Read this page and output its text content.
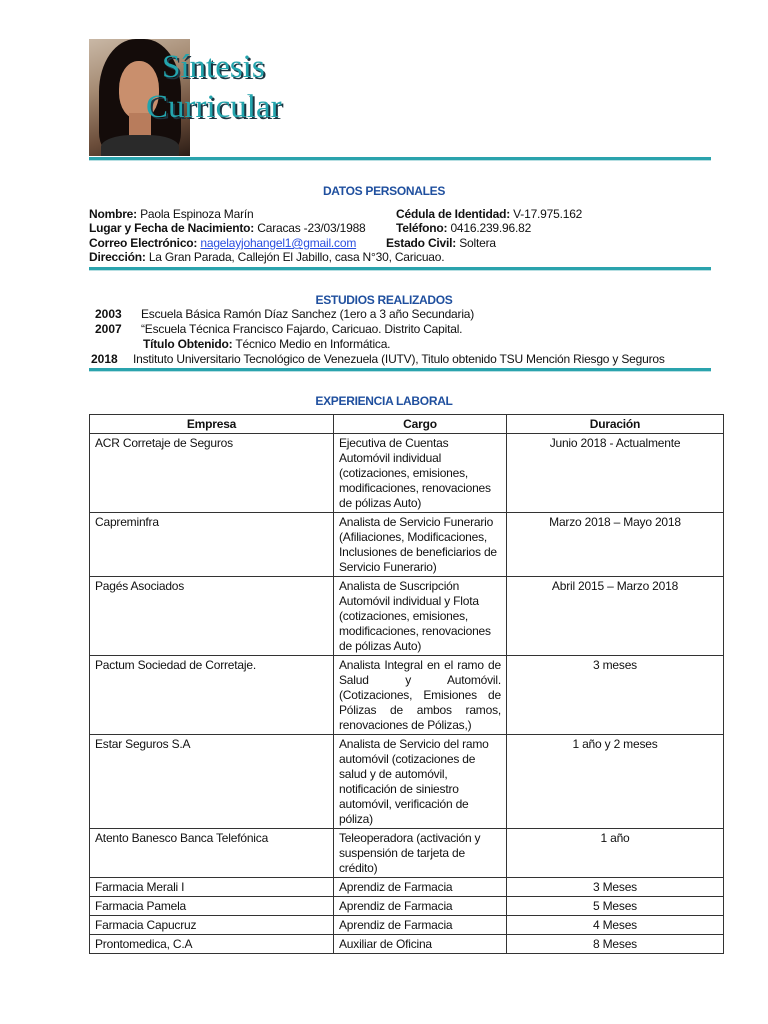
Síntesis
Curricular
DATOS PERSONALES
Nombre: Paola Espinoza Marín	Cédula de Identidad: V-17.975.162
Lugar y Fecha de Nacimiento: Caracas -23/03/1988	Teléfono: 0416.239.96.82
Correo Electrónico: nagelayjohangel1@gmail.com Estado Civil: Soltera
Dirección: La Gran Parada, Callejón El Jabillo, casa N°30, Caricuao.
ESTUDIOS REALIZADOS
2003 Escuela Básica Ramón Díaz Sanchez (1ero a 3 año Secundaria)
2007 “Escuela Técnica Francisco Fajardo, Caricuao. Distrito Capital.
Título Obtenido: Técnico Medio en Informática.
2018 Instituto Universitario Tecnológico de Venezuela (IUTV), Titulo obtenido TSU Mención Riesgo y Seguros
EXPERIENCIA LABORAL
Empresa	Cargo	Duración
ACR Corretaje de Seguros	Ejecutiva de Cuentas Automóvil individual (cotizaciones, emisiones, modificaciones, renovaciones de pólizas Auto)	Junio 2018 - Actualmente
Capreminfra	Analista de Servicio Funerario (Afiliaciones, Modificaciones, Inclusiones de beneficiarios de Servicio Funerario)	Marzo 2018 – Mayo 2018
Pagés Asociados	Analista de Suscripción Automóvil individual y Flota (cotizaciones, emisiones, modificaciones, renovaciones de pólizas Auto)	Abril 2015 – Marzo 2018
Pactum Sociedad de Corretaje.	Analista Integral en el ramo de Salud y Automóvil. (Cotizaciones, Emisiones de Pólizas de ambos ramos, renovaciones de Pólizas,)	3 meses
Estar Seguros S.A	Analista de Servicio del ramo automóvil (cotizaciones de salud y de automóvil, notificación de siniestro automóvil, verificación de póliza)	1 año y 2 meses
Atento Banesco Banca Telefónica	Teleoperadora (activación y suspensión de tarjeta de crédito)	1 año
Farmacia Merali I	Aprendiz de Farmacia	3 Meses
Farmacia Pamela	Aprendiz de Farmacia	5 Meses
Farmacia Capucruz	Aprendiz de Farmacia	4 Meses
Prontomedica, C.A	Auxiliar de Oficina	8 Meses
